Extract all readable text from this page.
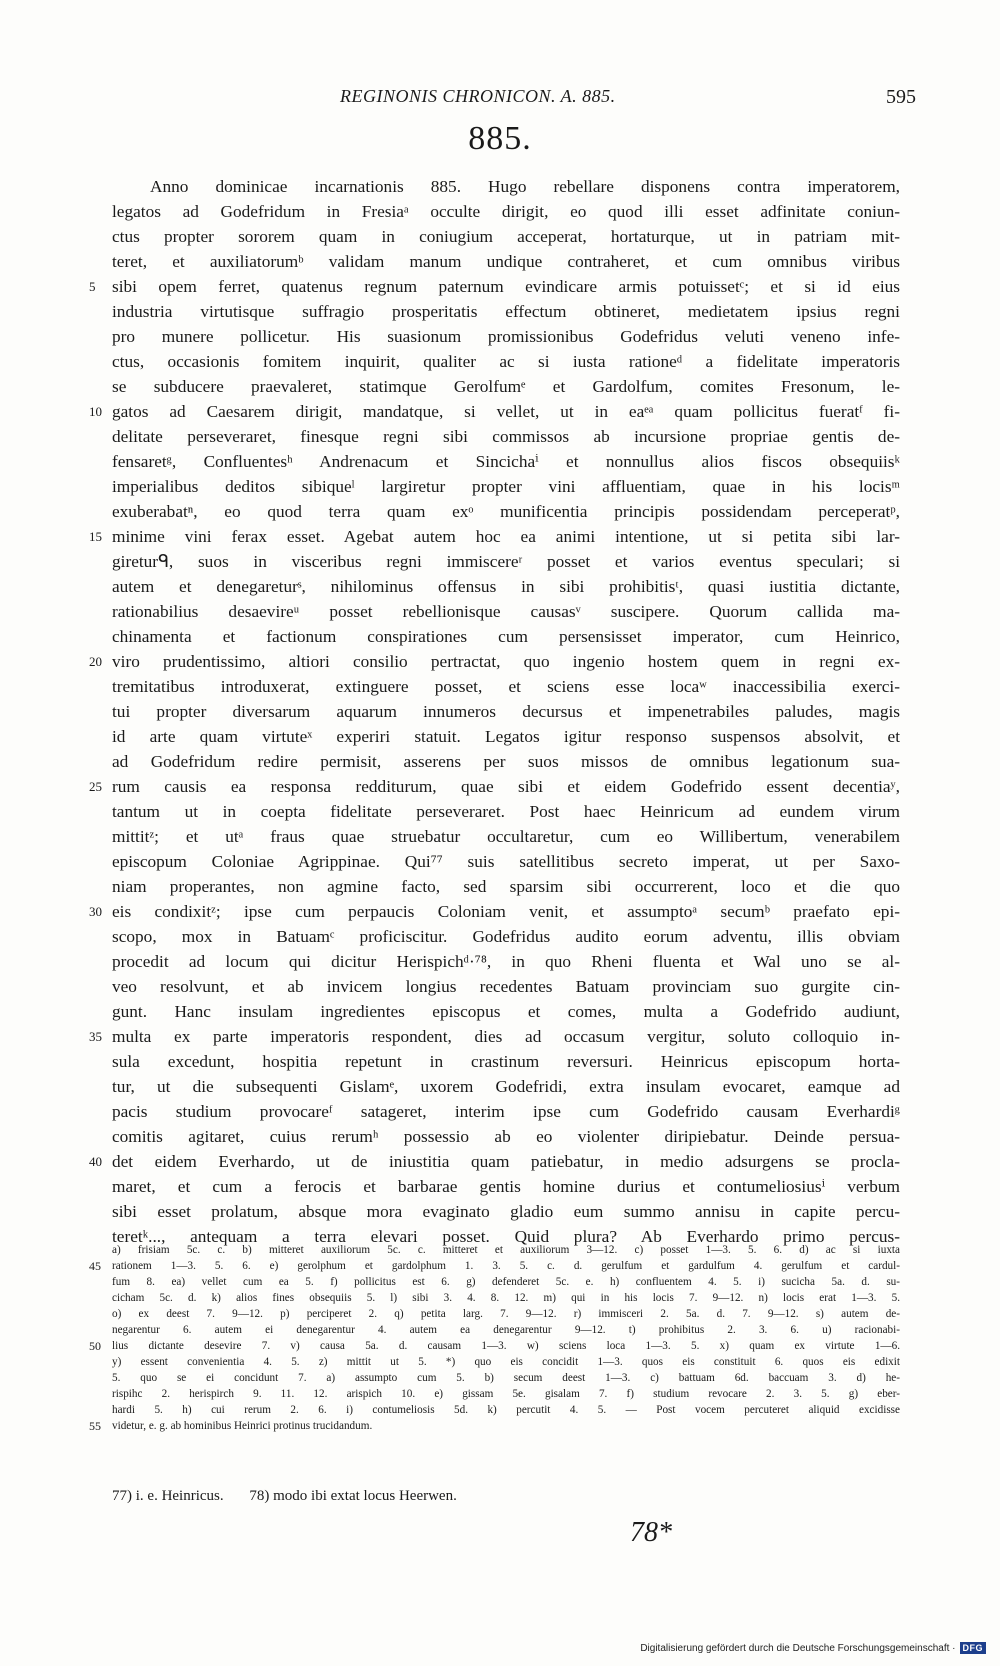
REGINONIS CHRONICON. A. 885.	595
885.
Anno dominicae incarnationis 885. Hugo rebellare disponens contra imperatorem,
legatos ad Godefridum in Fresiaᵃ occulte dirigit, eo quod illi esset adfinitate coniun-
ctus propter sororem quam in coniugium acceperat, hortaturque, ut in patriam mit-
teret, et auxiliatorumᵇ validam manum undique contraheret, et cum omnibus viribus
5 sibi opem ferret, quatenus regnum paternum evindicare armis potuissetᶜ; et si id eius
industria virtutisque suffragio prosperitatis effectum obtineret, medietatem ipsius regni
pro munere pollicetur. His suasionum promissionibus Godefridus veluti veneno infe-
ctus, occasionis fomitem inquirit, qualiter ac si iusta rationeᵈ a fidelitate imperatoris
se subducere praevaleret, statimque Gerolfumᵉ et Gardolfum, comites Fresonum, le-
10 gatos ad Caesarem dirigit, mandatque, si vellet, ut in eaᵉᵃ quam pollicitus fueratᶠ fi-
delitate perseveraret, finesque regni sibi commissos ab incursione propriae gentis de-
fensaretᵍ, Confluentesʰ Andrenacum et Sincichaⁱ et nonnullus alios fiscos obsequiisᵏ
imperialibus deditos sibiqueˡ largiretur propter vini affluentiam, quae in his locisᵐ
exuberabatⁿ, eo quod terra quam exᵒ munificentia principis possidendam perceperatᵖ,
15 minime vini ferax esset. Agebat autem hoc ea animi intentione, ut si petita sibi lar-
gireturᑫ, suos in visceribus regni immiscereʳ posset et varios eventus speculari; si
autem et denegareturˢ, nihilominus offensus in sibi prohibitisᵗ, quasi iustitia dictante,
rationabilius desaevireᵘ posset rebellionisque causasᵛ suscipere. Quorum callida ma-
chinamenta et factionum conspirationes cum persensisset imperator, cum Heinrico,
20 viro prudentissimo, altiori consilio pertractat, quo ingenio hostem quem in regni ex-
tremitatibus introduxerat, extinguere posset, et sciens esse locaʷ inaccessibilia exerci-
tui propter diversarum aquarum innumeros decursus et impenetrabiles paludes, magis
id arte quam virtuteˣ experiri statuit. Legatos igitur responso suspensos absolvit, et
ad Godefridum redire permisit, asserens per suos missos de omnibus legationum sua-
25 rum causis ea responsa redditurum, quae sibi et eidem Godefrido essent decentiaʸ,
tantum ut in coepta fidelitate perseveraret. Post haec Heinricum ad eundem virum
mittitᶻ; et utᵃ fraus quae struebatur occultaretur, cum eo Willibertum, venerabilem
episcopum Coloniae Agrippinae. Qui⁷⁷ suis satellitibus secreto imperat, ut per Saxo-
niam properantes, non agmine facto, sed sparsim sibi occurrerent, loco et die quo
30 eis condixitᶻ; ipse cum perpaucis Coloniam venit, et assumptoᵃ secumᵇ praefato epi-
scopo, mox in Batuamᶜ proficiscitur. Godefridus audito eorum adventu, illis obviam
procedit ad locum qui dicitur Herispichᵈ·⁷⁸, in quo Rheni fluenta et Wal uno se al-
veo resolvunt, et ab invicem longius recedentes Batuam provinciam suo gurgite cin-
gunt. Hanc insulam ingredientes episcopus et comes, multa a Godefrido audiunt,
35 multa ex parte imperatoris respondent, dies ad occasum vergitur, soluto colloquio in-
sula excedunt, hospitia repetunt in crastinum reversuri. Heinricus episcopum horta-
tur, ut die subsequenti Gislamᵉ, uxorem Godefridi, extra insulam evocaret, eamque ad
pacis studium provocareᶠ satageret, interim ipse cum Godefrido causam Everhardiᵍ
comitis agitaret, cuius rerumʰ possessio ab eo violenter diripiebatur. Deinde persua-
40 det eidem Everhardo, ut de iniustitia quam patiebatur, in medio adsurgens se procla-
maret, et cum a ferocis et barbarae gentis homine durius et contumeliosiusⁱ verbum
sibi esset prolatum, absque mora evaginato gladio eum summo annisu in capite percu-
teretᵏ..., antequam a terra elevari posset. Quid plura? Ab Everhardo primo percus-
a) frisiam 5c. c. b) mitteret auxiliorum 5c. c. mitteret et auxiliorum 3—12. c) posset 1—3. 5. 6. d) ac si iuxta
45 rationem 1—3. 5. 6. e) gerolphum et gardolphum 1. 3. 5. c. d. gerulfum et gardulfum 4. gerulfum et cardul-
fum 8. ea) vellet cum ea 5. f) pollicitus est 6. g) defenderet 5c. e. h) confluentem 4. 5. i) sucicha 5a. d. su-
cicham 5c. d. k) alios fines obsequiis 5. l) sibi 3. 4. 8. 12. m) qui in his locis 7. 9—12. n) locis erat 1—3. 5.
o) ex deest 7. 9—12. p) perciperet 2. q) petita larg. 7. 9—12. r) immisceri 2. 5a. d. 7. 9—12. s) autem de-
negarentur 6. autem ei denegarentur 4. autem ea denegarentur 9—12. t) prohibitus 2. 3. 6. u) racionabi-
50 lius dictante desevire 7. v) causa 5a. d. causam 1—3. w) sciens loca 1—3. 5. x) quam ex virtute 1—6.
y) essent convenientia 4. 5. z) mittit ut 5. *) quo eis concidit 1—3. quos eis constituit 6. quos eis edixit
5. quo se ei concidunt 7. a) assumpto cum 5. b) secum deest 1—3. c) battuam 6d. baccuam 3. d) he-
rispihc 2. herispirch 9. 11. 12. arispich 10. e) gissam 5e. gisalam 7. f) studium revocare 2. 3. 5. g) eber-
hardi 5. h) cui rerum 2. 6. i) contumeliosis 5d. k) percutit 4. 5. — Post vocem percuteret aliquid excidisse
55 videtur, e. g. ab hominibus Heinrici protinus trucidandum.
77) i. e. Heinricus. 78) modo ibi extat locus Heerwen.
78*
Digitalisierung gefördert durch die Deutsche Forschungsgemeinschaft · DFG
